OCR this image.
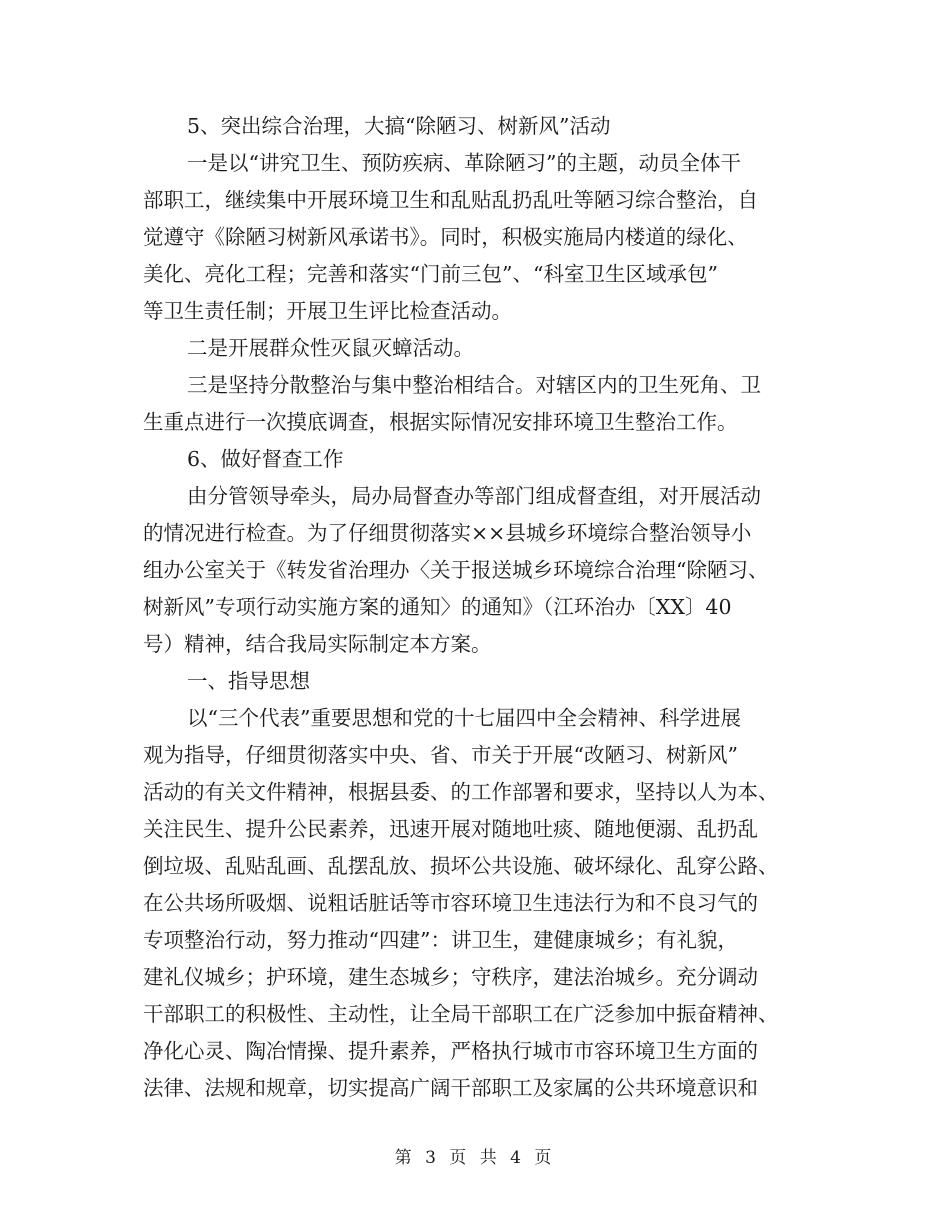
5、突出综合治理，大搞“除陋习、树新风”活动
一是以“讲究卫生、预防疾病、革除陋习”的主题，动员全体干
部职工，继续集中开展环境卫生和乱贴乱扔乱吐等陋习综合整治，自
觉遵守《除陋习树新风承诺书》。同时，积极实施局内楼道的绿化、
美化、亮化工程；完善和落实“门前三包”、“科室卫生区域承包”
等卫生责任制；开展卫生评比检查活动。
二是开展群众性灭鼠灭蟑活动。
三是坚持分散整治与集中整治相结合。对辖区内的卫生死角、卫
生重点进行一次摸底调查，根据实际情况安排环境卫生整治工作。
6、做好督查工作
由分管领导牵头，局办局督查办等部门组成督查组，对开展活动
的情况进行检查。为了仔细贯彻落实××县城乡环境综合整治领导小
组办公室关于《转发省治理办〈关于报送城乡环境综合治理“除陋习、
树新风”专项行动实施方案的通知〉的通知》（江环治办〔XX〕40
号）精神，结合我局实际制定本方案。
一、指导思想
以“三个代表”重要思想和党的十七届四中全会精神、科学进展
观为指导，仔细贯彻落实中央、省、市关于开展“改陋习、树新风”
活动的有关文件精神，根据县委、的工作部署和要求，坚持以人为本、
关注民生、提升公民素养，迅速开展对随地吐痰、随地便溺、乱扔乱
倒垃圾、乱贴乱画、乱摆乱放、损坏公共设施、破坏绿化、乱穿公路、
在公共场所吸烟、说粗话脏话等市容环境卫生违法行为和不良习气的
专项整治行动，努力推动“四建”：讲卫生，建健康城乡；有礼貌，
建礼仪城乡；护环境，建生态城乡；守秩序，建法治城乡。充分调动
干部职工的积极性、主动性，让全局干部职工在广泛参加中振奋精神、
净化心灵、陶冶情操、提升素养，严格执行城市市容环境卫生方面的
法律、法规和规章，切实提高广阔干部职工及家属的公共环境意识和
第 3 页 共 4 页
